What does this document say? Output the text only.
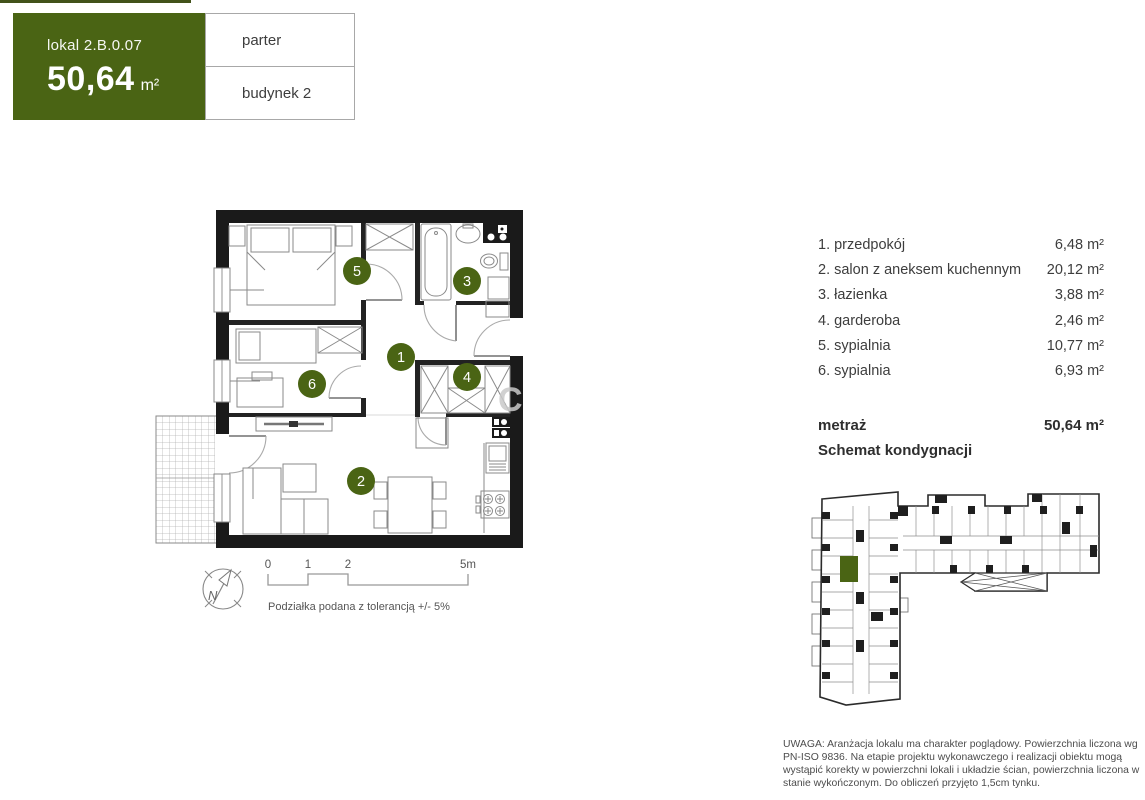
lokal 2.B.0.07
50,64 m²
parter
budynek 2
C
1
2
3
4
5
6
N
0	1	2	5m
Podziałka podana z tolerancją +/- 5%
1. przedpokój	6,48 m²
2. salon z aneksem kuchennym 20,12 m²
3. łazienka	3,88 m²
4. garderoba	2,46 m²
5. sypialnia	10,77 m²
6. sypialnia	6,93 m²
metraż	50,64 m²
Schemat kondygnacji
UWAGA: Aranżacja lokalu ma charakter poglądowy. Powierzchnia liczona wg PN-ISO 9836. Na etapie projektu wykonawczego i realizacji obiektu mogą wystąpić korekty w powierzchni lokali i układzie ścian, powierzchnia liczona w stanie wykończonym. Do obliczeń przyjęto 1,5cm tynku.
